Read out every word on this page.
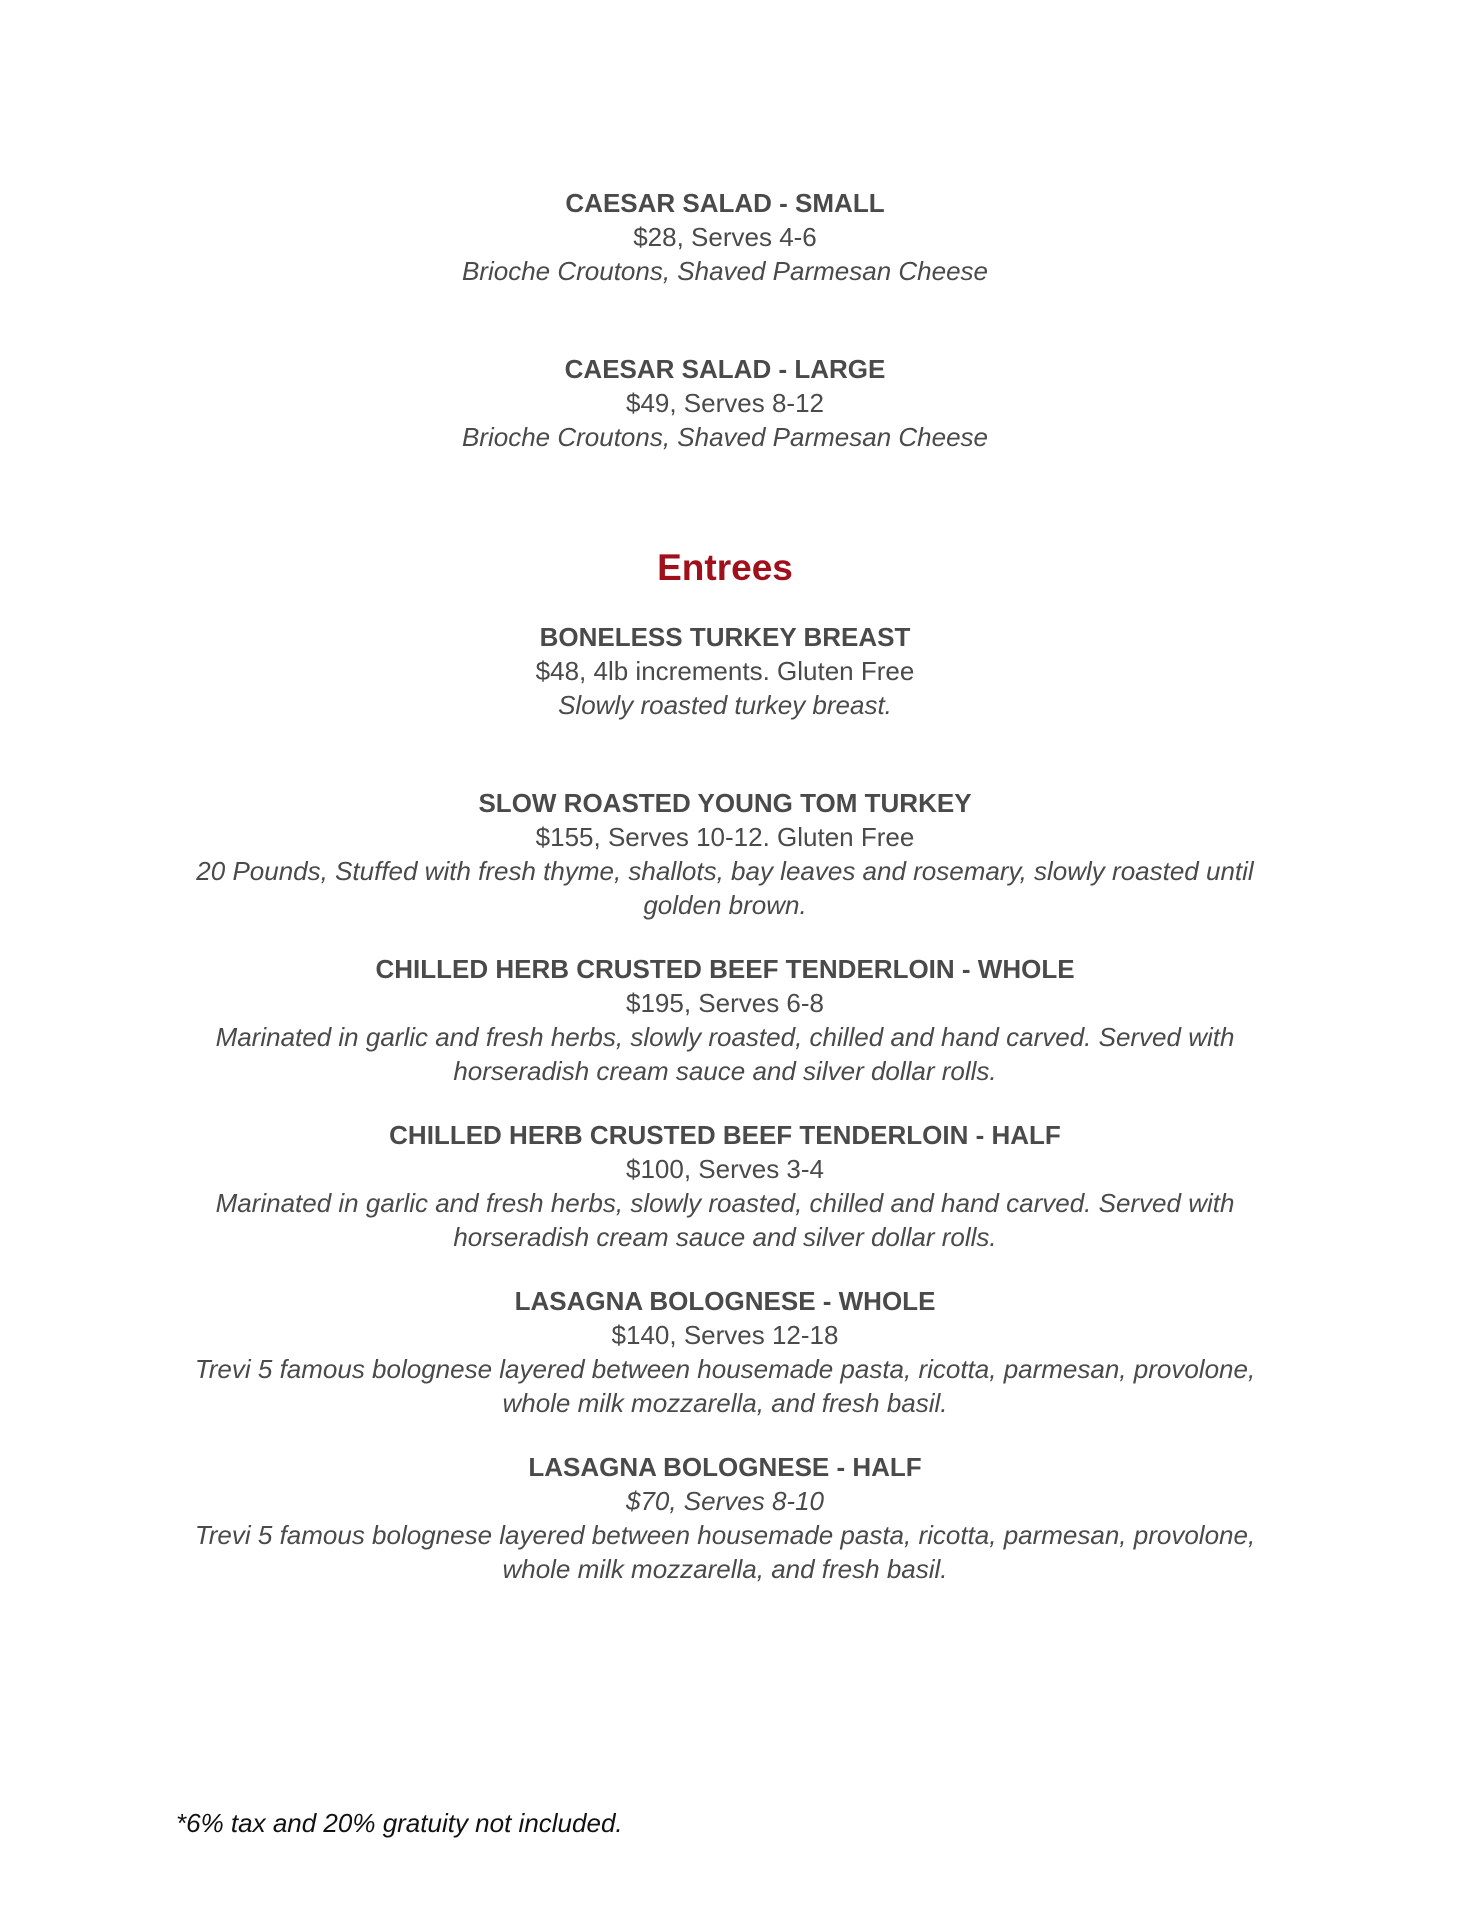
CAESAR SALAD - SMALL
$28, Serves 4-6
Brioche Croutons, Shaved Parmesan Cheese
CAESAR SALAD - LARGE
$49, Serves 8-12
Brioche Croutons, Shaved Parmesan Cheese
Entrees
BONELESS TURKEY BREAST
$48, 4lb increments. Gluten Free
Slowly roasted turkey breast.
SLOW ROASTED YOUNG TOM TURKEY
$155, Serves 10-12. Gluten Free
20 Pounds, Stuffed with fresh thyme, shallots, bay leaves and rosemary, slowly roasted until
golden brown.
CHILLED HERB CRUSTED BEEF TENDERLOIN - WHOLE
$195, Serves 6-8
Marinated in garlic and fresh herbs, slowly roasted, chilled and hand carved. Served with
horseradish cream sauce and silver dollar rolls.
CHILLED HERB CRUSTED BEEF TENDERLOIN - HALF
$100, Serves 3-4
Marinated in garlic and fresh herbs, slowly roasted, chilled and hand carved. Served with
horseradish cream sauce and silver dollar rolls.
LASAGNA BOLOGNESE - WHOLE
$140, Serves 12-18
Trevi 5 famous bolognese layered between housemade pasta, ricotta, parmesan, provolone,
whole milk mozzarella, and fresh basil.
LASAGNA BOLOGNESE - HALF
$70, Serves 8-10
Trevi 5 famous bolognese layered between housemade pasta, ricotta, parmesan, provolone,
whole milk mozzarella, and fresh basil.
*6% tax and 20% gratuity not included.
